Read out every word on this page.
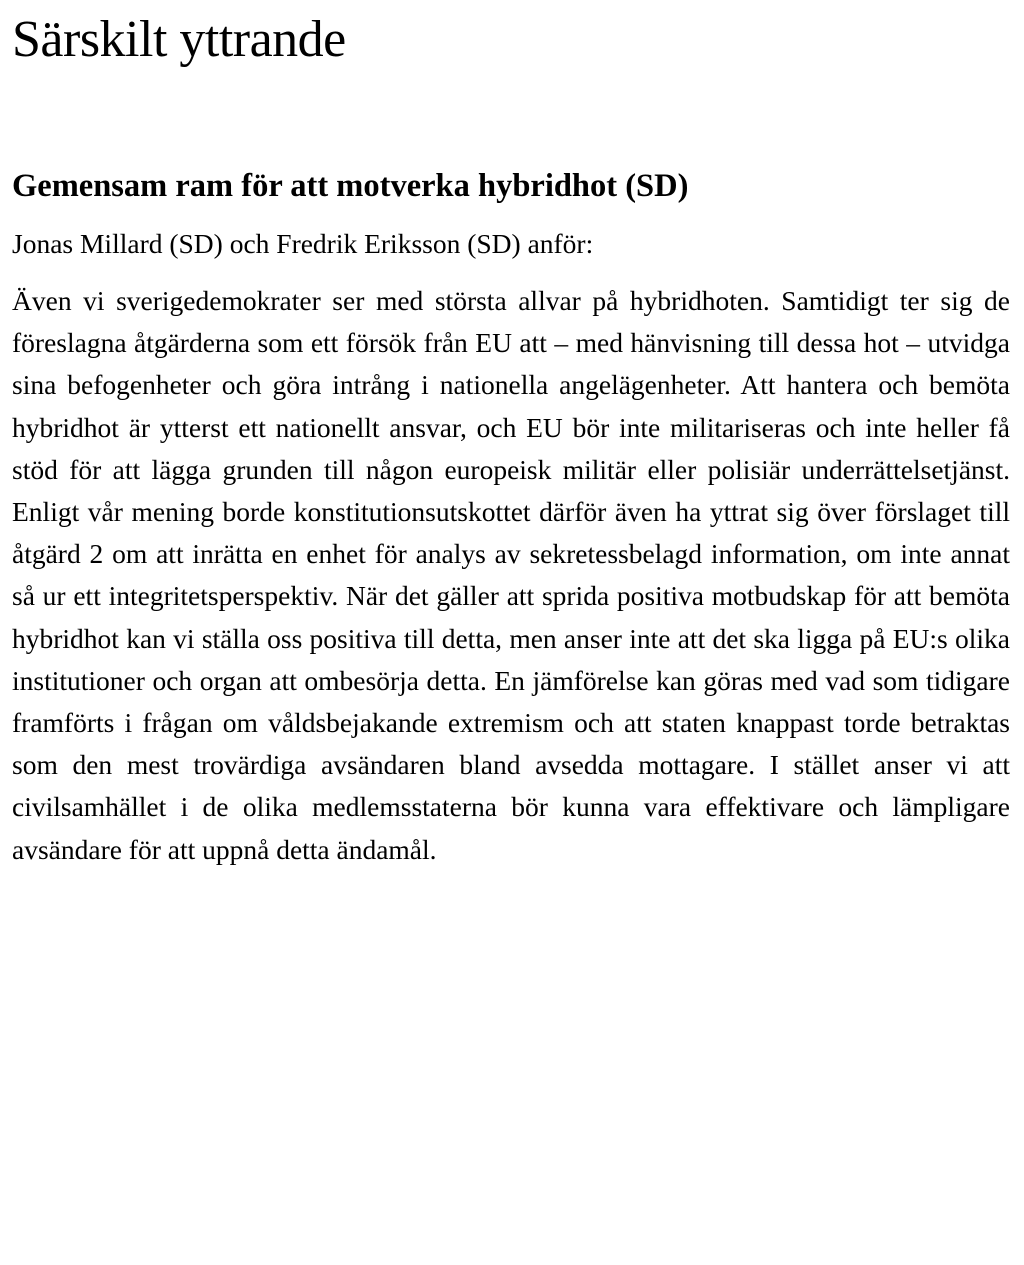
Särskilt yttrande
Gemensam ram för att motverka hybridhot (SD)

Jonas Millard (SD) och Fredrik Eriksson (SD) anför:

Även vi sverigedemokrater ser med största allvar på hybridhoten. Samtidigt ter sig de föreslagna åtgärderna som ett försök från EU att – med hänvisning till dessa hot – utvidga sina befogenheter och göra intrång i nationella angelägenheter. Att hantera och bemöta hybridhot är ytterst ett nationellt ansvar, och EU bör inte militariseras och inte heller få stöd för att lägga grunden till någon europeisk militär eller polisiär underrättelsetjänst. Enligt vår mening borde konstitutionsutskottet därför även ha yttrat sig över förslaget till åtgärd 2 om att inrätta en enhet för analys av sekretessbelagd information, om inte annat så ur ett integritetsperspektiv. När det gäller att sprida positiva motbudskap för att bemöta hybridhot kan vi ställa oss positiva till detta, men anser inte att det ska ligga på EU:s olika institutioner och organ att ombesörja detta. En jämförelse kan göras med vad som tidigare framförts i frågan om våldsbejakande extremism och att staten knappast torde betraktas som den mest trovärdiga avsändaren bland avsedda mottagare. I stället anser vi att civilsamhället i de olika medlemsstaterna bör kunna vara effektivare och lämpligare avsändare för att uppnå detta ändamål.
